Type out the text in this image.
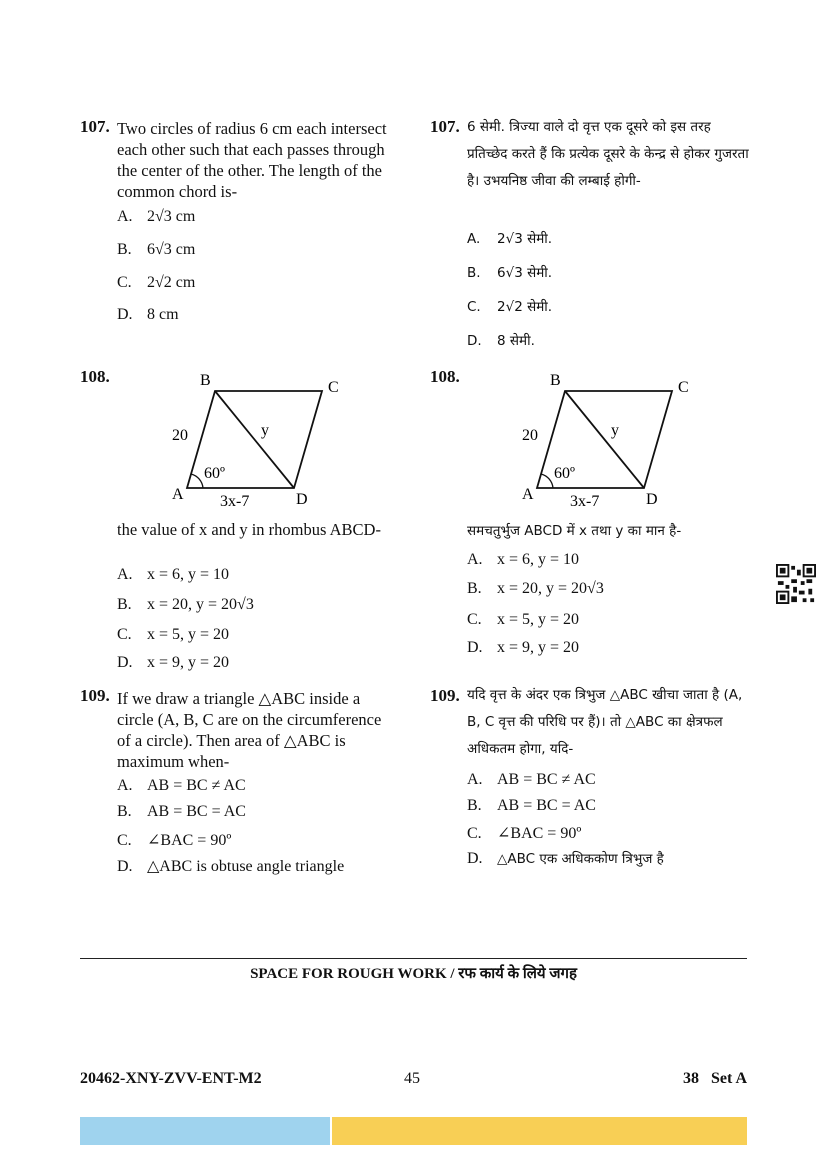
107. Two circles of radius 6 cm each intersect each other such that each passes through the center of the other. The length of the common chord is-
A. 2√3 cm
B. 6√3 cm
C. 2√2 cm
D. 8 cm
107. 6 सेमी. त्रिज्या वाले दो वृत्त एक दूसरे को इस तरह प्रतिच्छेद करते हैं कि प्रत्येक दूसरे के केन्द्र से होकर गुजरता है। उभयनिष्ठ जीवा की लम्बाई होगी-
A. 2√3 सेमी.
B. 6√3 सेमी.
C. 2√2 सेमी.
D. 8 सेमी.
108.	B	C
A	D
20	y
60º
3x-7
the value of x and y in rhombus ABCD-
A. x = 6, y = 10
B. x = 20, y = 20√3
C. x = 5, y = 20
D. x = 9, y = 20
108.	B	C
A	D
20	y
60º
3x-7
समचतुर्भुज ABCD में x तथा y का मान है-
A. x = 6, y = 10
B. x = 20, y = 20√3
C. x = 5, y = 20
D. x = 9, y = 20
109. If we draw a triangle △ABC inside a circle (A, B, C are on the circumference of a circle). Then area of △ABC is maximum when-
A. AB = BC ≠ AC
B. AB = BC = AC
C. ∠BAC = 90º
D. △ABC is obtuse angle triangle
109. यदि वृत्त के अंदर एक त्रिभुज △ABC खीचा जाता है (A, B, C वृत्त की परिधि पर हैं)। तो △ABC का क्षेत्रफल अधिकतम होगा, यदि-
A. AB = BC ≠ AC
B. AB = BC = AC
C. ∠BAC = 90º
D. △ABC एक अधिककोण त्रिभुज है
SPACE FOR ROUGH WORK / रफ कार्य के लिये जगह
20462-XNY-ZVV-ENT-M2	45	38   Set A
